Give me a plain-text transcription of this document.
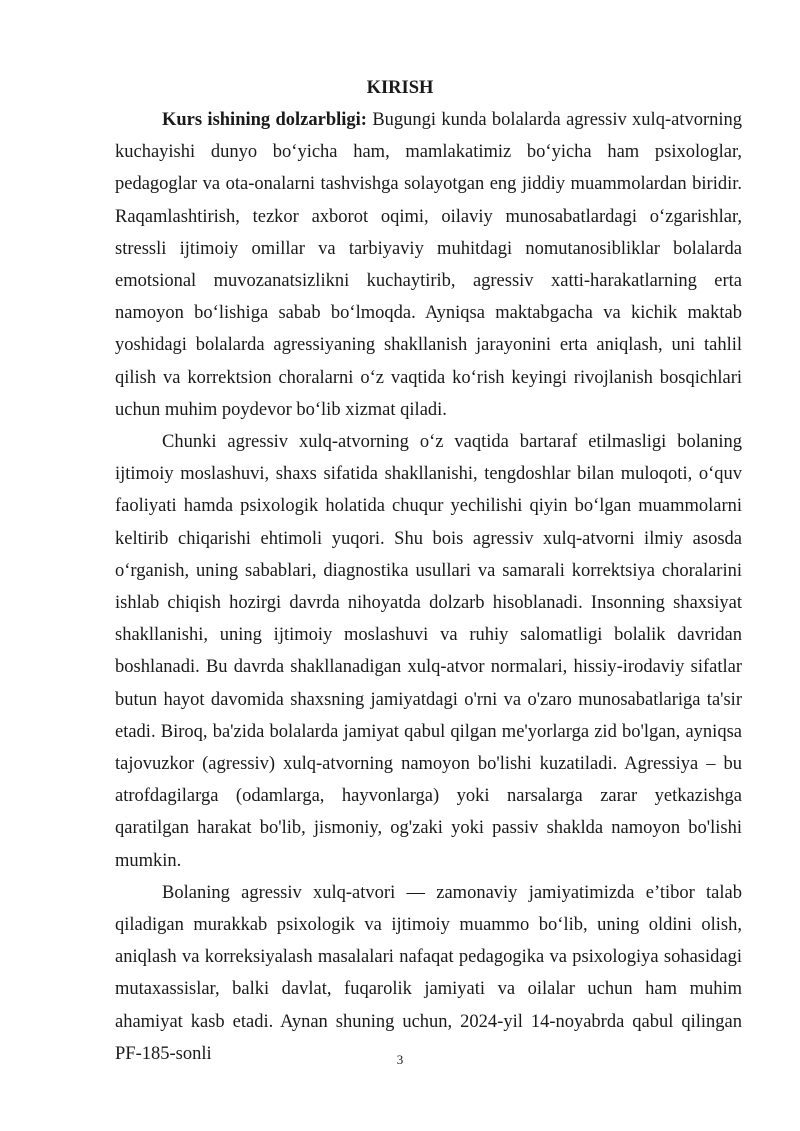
KIRISH

Kurs ishining dolzarbligi: Bugungi kunda bolalarda agressiv xulq-atvorning kuchayishi dunyo bo‘yicha ham, mamlakatimiz bo‘yicha ham psixologlar, pedagoglar va ota-onalarni tashvishga solayotgan eng jiddiy muammolardan biridir. Raqamlashtirish, tezkor axborot oqimi, oilaviy munosabatlardagi o‘zgarishlar, stressli ijtimoiy omillar va tarbiyaviy muhitdagi nomutanosibliklar bolalarda emotsional muvozanatsizlikni kuchaytirib, agressiv xatti-harakatlarning erta namoyon bo‘lishiga sabab bo‘lmoqda. Ayniqsa maktabgacha va kichik maktab yoshidagi bolalarda agressiyaning shakllanish jarayonini erta aniqlash, uni tahlil qilish va korrektsion choralarni o‘z vaqtida ko‘rish keyingi rivojlanish bosqichlari uchun muhim poydevor bo‘lib xizmat qiladi.

Chunki agressiv xulq-atvorning o‘z vaqtida bartaraf etilmasligi bolaning ijtimoiy moslashuvi, shaxs sifatida shakllanishi, tengdoshlar bilan muloqoti, o‘quv faoliyati hamda psixologik holatida chuqur yechilishi qiyin bo‘lgan muammolarni keltirib chiqarishi ehtimoli yuqori. Shu bois agressiv xulq-atvorni ilmiy asosda o‘rganish, uning sabablari, diagnostika usullari va samarali korrektsiya choralarini ishlab chiqish hozirgi davrda nihoyatda dolzarb hisoblanadi. Insonning shaxsiyat shakllanishi, uning ijtimoiy moslashuvi va ruhiy salomatligi bolalik davridan boshlanadi. Bu davrda shakllanadigan xulq-atvor normalari, hissiy-irodaviy sifatlar butun hayot davomida shaxsning jamiyatdagi o'rni va o'zaro munosabatlariga ta'sir etadi. Biroq, ba'zida bolalarda jamiyat qabul qilgan me'yorlarga zid bo'lgan, ayniqsa tajovuzkor (agressiv) xulq-atvorning namoyon bo'lishi kuzatiladi. Agressiya – bu atrofdagilarga (odamlarga, hayvonlarga) yoki narsalarga zarar yetkazishga qaratilgan harakat bo'lib, jismoniy, og'zaki yoki passiv shaklda namoyon bo'lishi mumkin.

Bolaning agressiv xulq-atvori — zamonaviy jamiyatimizda e’tibor talab qiladigan murakkab psixologik va ijtimoiy muammo bo‘lib, uning oldini olish, aniqlash va korreksiyalash masalalari nafaqat pedagogika va psixologiya sohasidagi mutaxassislar, balki davlat, fuqarolik jamiyati va oilalar uchun ham muhim ahamiyat kasb etadi. Aynan shuning uchun, 2024-yil 14-noyabrda qabul qilingan PF-185-sonli	3
